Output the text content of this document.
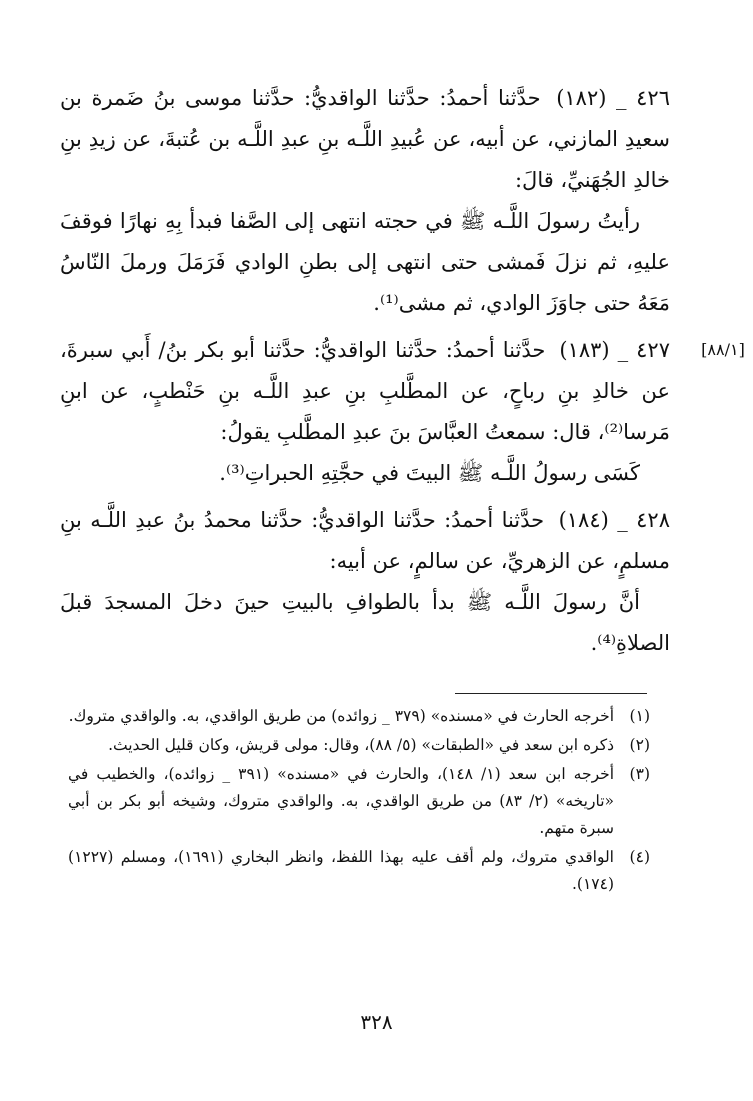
٤٢٦ _ (١٨٢) حدَّثنا أحمدُ: حدَّثنا الواقديُّ: حدَّثنا موسى بنُ ضَمرة بن سعيدِ المازني، عن أبيه، عن عُبيدِ اللَّـه بنِ عبدِ اللَّـه بن عُتبةَ، عن زيدِ بنِ خالدِ الجُهَنيِّ، قالَ:

رأيتُ رسولَ اللَّـه ﷺ في حجته انتهى إلى الصَّفا فبدأ بِهِ نهارًا فوقفَ عليهِ، ثم نزلَ فَمشى حتى انتهى إلى بطنِ الوادي فَرَمَلَ ورملَ النّاسُ مَعَهُ حتى جاوَزَ الوادي، ثم مشى⁽¹⁾.

٤٢٧ _ (١٨٣) حدَّثنا أحمدُ: حدَّثنا الواقديُّ: حدَّثنا أبو بكر بنُ/ أَبي سبرةَ، عن خالدِ بنِ رباحٍ، عن المطَّلبِ بنِ عبدِ اللَّـه بنِ حَنْطبٍ، عن ابنِ مَرسا⁽²⁾، قال: سمعتُ العبَّاسَ بنَ عبدِ المطَّلبِ يقولُ:

كَسَى رسولُ اللَّـه ﷺ البيتَ في حجَّتِهِ الحبراتِ⁽³⁾.

٤٢٨ _ (١٨٤) حدَّثنا أحمدُ: حدَّثنا الواقديُّ: حدَّثنا محمدُ بنُ عبدِ اللَّـه بنِ مسلمٍ، عن الزهريِّ، عن سالمٍ، عن أبيه:

أنَّ رسولَ اللَّـه ﷺ بدأ بالطوافِ بالبيتِ حينَ دخلَ المسجدَ قبلَ الصلاةِ⁽⁴⁾.

[٨٨/١]
(١)
أخرجه الحارث في «مسنده» (٣٧٩ _ زوائده) من طريق الواقدي، به. والواقدي متروك.
(٢)
ذكره ابن سعد في «الطبقات» (٥/ ٨٨)، وقال: مولى قريش، وكان قليل الحديث.
(٣)
أخرجه ابن سعد (١/ ١٤٨)، والحارث في «مسنده» (٣٩١ _ زوائده)، والخطيب في «تاريخه» (٢/ ٨٣) من طريق الواقدي، به. والواقدي متروك، وشيخه أبو بكر بن أبي سبرة متهم.
(٤)
الواقدي متروك، ولم أقف عليه بهذا اللفظ، وانظر البخاري (١٦٩١)، ومسلم (١٢٢٧) (١٧٤).
٣٢٨
